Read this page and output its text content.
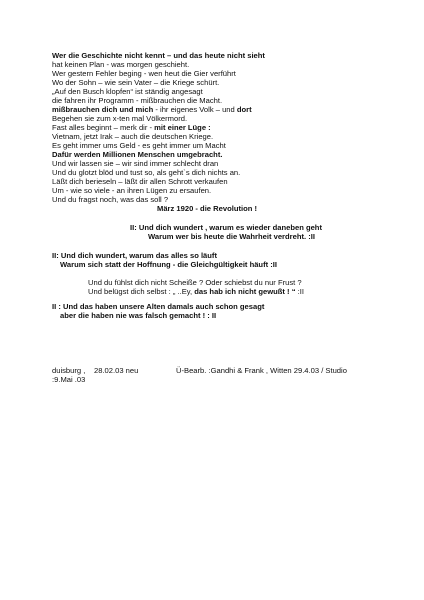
Wer die Geschichte nicht kennt – und das heute nicht sieht
hat keinen Plan - was morgen geschieht.
Wer gestern Fehler beging - wen heut die Gier verführt
Wo der Sohn – wie sein Vater – die Kriege schürt.
„Auf den Busch klopfen“ ist ständig angesagt
die fahren ihr Programm - mißbrauchen die Macht.
mißbrauchen dich und mich - ihr eigenes Volk – und dort
Begehen sie zum x-ten mal Völkermord.
Fast alles beginnt – merk dir - mit einer Lüge :
Vietnam, jetzt Irak – auch die deutschen Kriege.
Es geht immer ums Geld - es geht immer um Macht
Dafür werden Millionen Menschen umgebracht.
Und wir lassen sie – wir sind immer schlecht dran
Und du glotzt blöd und tust so, als geht`s dich nichts an.
Läßt dich berieseln – läßt dir allen Schrott verkaufen
Um - wie so viele - an ihren Lügen zu ersaufen.
Und du fragst noch, was das soll ?
März 1920 - die Revolution !
II: Und dich wundert , warum es wieder daneben geht
Warum wer bis heute die Wahrheit verdreht. :II
II: Und dich wundert, warum das alles so läuft
Warum sich statt der Hoffnung - die Gleichgültigkeit häuft :II
Und du fühlst dich nicht Scheiße ? Oder schiebst du nur Frust ?
Und belügst dich selbst : „ ..Ey, das hab ich nicht gewußt ! “ :II
II : Und das haben unsere Alten damals auch schon gesagt
aber die haben nie was falsch gemacht ! : II
duisburg , 28.02.03 neu	Ü-Bearb. :Gandhi & Frank , Witten 29.4.03 / Studio
:9.Mai .03
